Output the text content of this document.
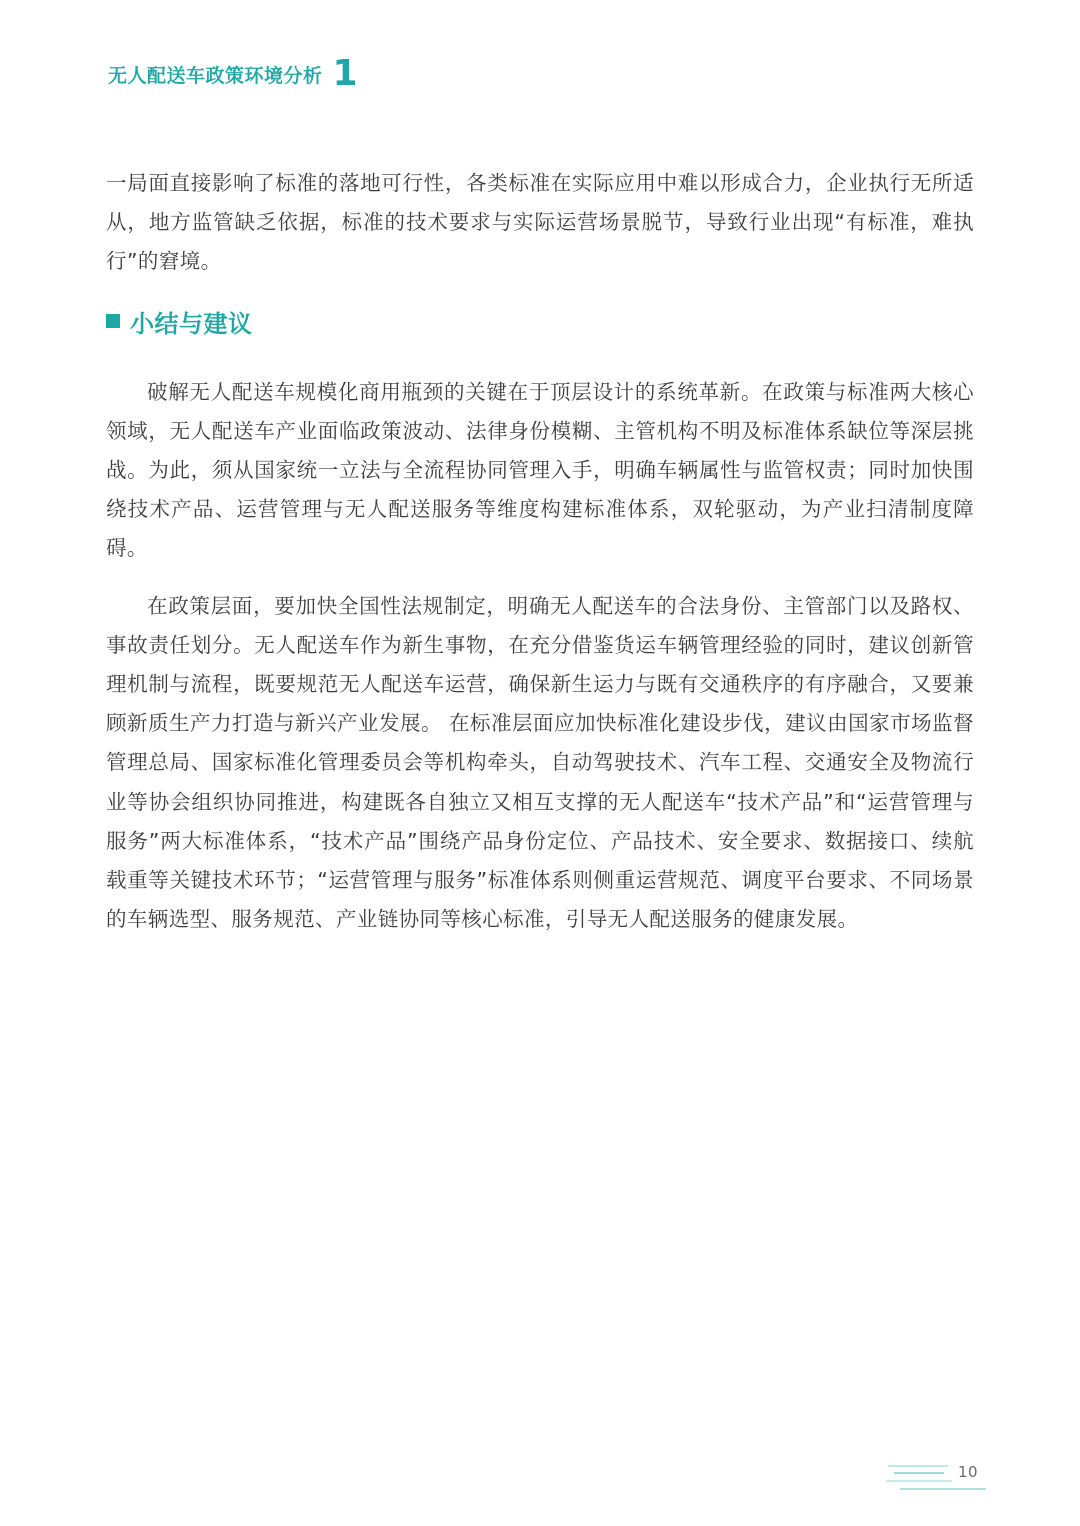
无人配送车政策环境分析 1

一局面直接影响了标准的落地可行性，各类标准在实际应用中难以形成合力，企业执行无所适从，地方监管缺乏依据，标准的技术要求与实际运营场景脱节，导致行业出现“有标准，难执行”的窘境。

小结与建议

破解无人配送车规模化商用瓶颈的关键在于顶层设计的系统革新。在政策与标准两大核心领域，无人配送车产业面临政策波动、法律身份模糊、主管机构不明及标准体系缺位等深层挑战。为此，须从国家统一立法与全流程协同管理入手，明确车辆属性与监管权责；同时加快围绕技术产品、运营管理与无人配送服务等维度构建标准体系，双轮驱动，为产业扫清制度障碍。

在政策层面，要加快全国性法规制定，明确无人配送车的合法身份、主管部门以及路权、事故责任划分。无人配送车作为新生事物，在充分借鉴货运车辆管理经验的同时，建议创新管理机制与流程，既要规范无人配送车运营，确保新生运力与既有交通秩序的有序融合，又要兼顾新质生产力打造与新兴产业发展。 在标准层面应加快标准化建设步伐，建议由国家市场监督管理总局、国家标准化管理委员会等机构牵头，自动驾驶技术、汽车工程、交通安全及物流行业等协会组织协同推进，构建既各自独立又相互支撑的无人配送车“技术产品”和“运营管理与服务”两大标准体系，“技术产品”围绕产品身份定位、产品技术、安全要求、数据接口、续航载重等关键技术环节；“运营管理与服务”标准体系则侧重运营规范、调度平台要求、不同场景的车辆选型、服务规范、产业链协同等核心标准，引导无人配送服务的健康发展。

10
